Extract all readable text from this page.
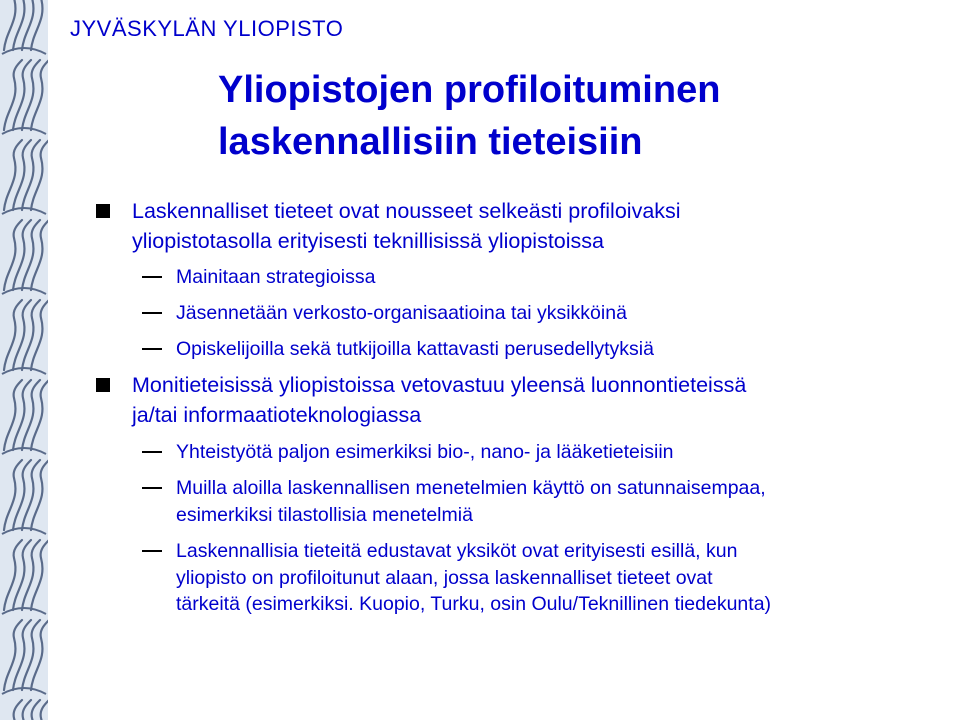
JYVÄSKYLÄN YLIOPISTO
Yliopistojen profiloituminen
laskennallisiin tieteisiin
Laskennalliset tieteet ovat nousseet selkeästi profiloivaksi
yliopistotasolla erityisesti teknillisissä yliopistoissa
Mainitaan strategioissa
Jäsennetään verkosto-organisaatioina tai yksikköinä
Opiskelijoilla sekä tutkijoilla kattavasti perusedellytyksiä
Monitieteisissä yliopistoissa vetovastuu yleensä luonnontieteissä
ja/tai informaatioteknologiassa
Yhteistyötä paljon esimerkiksi bio-, nano- ja lääketieteisiin
Muilla aloilla laskennallisen menetelmien käyttö on satunnaisempaa,
esimerkiksi tilastollisia menetelmiä
Laskennallisia tieteitä edustavat yksiköt ovat erityisesti esillä, kun
yliopisto on profiloitunut alaan, jossa laskennalliset tieteet ovat
tärkeitä (esimerkiksi. Kuopio, Turku, osin Oulu/Teknillinen tiedekunta)
